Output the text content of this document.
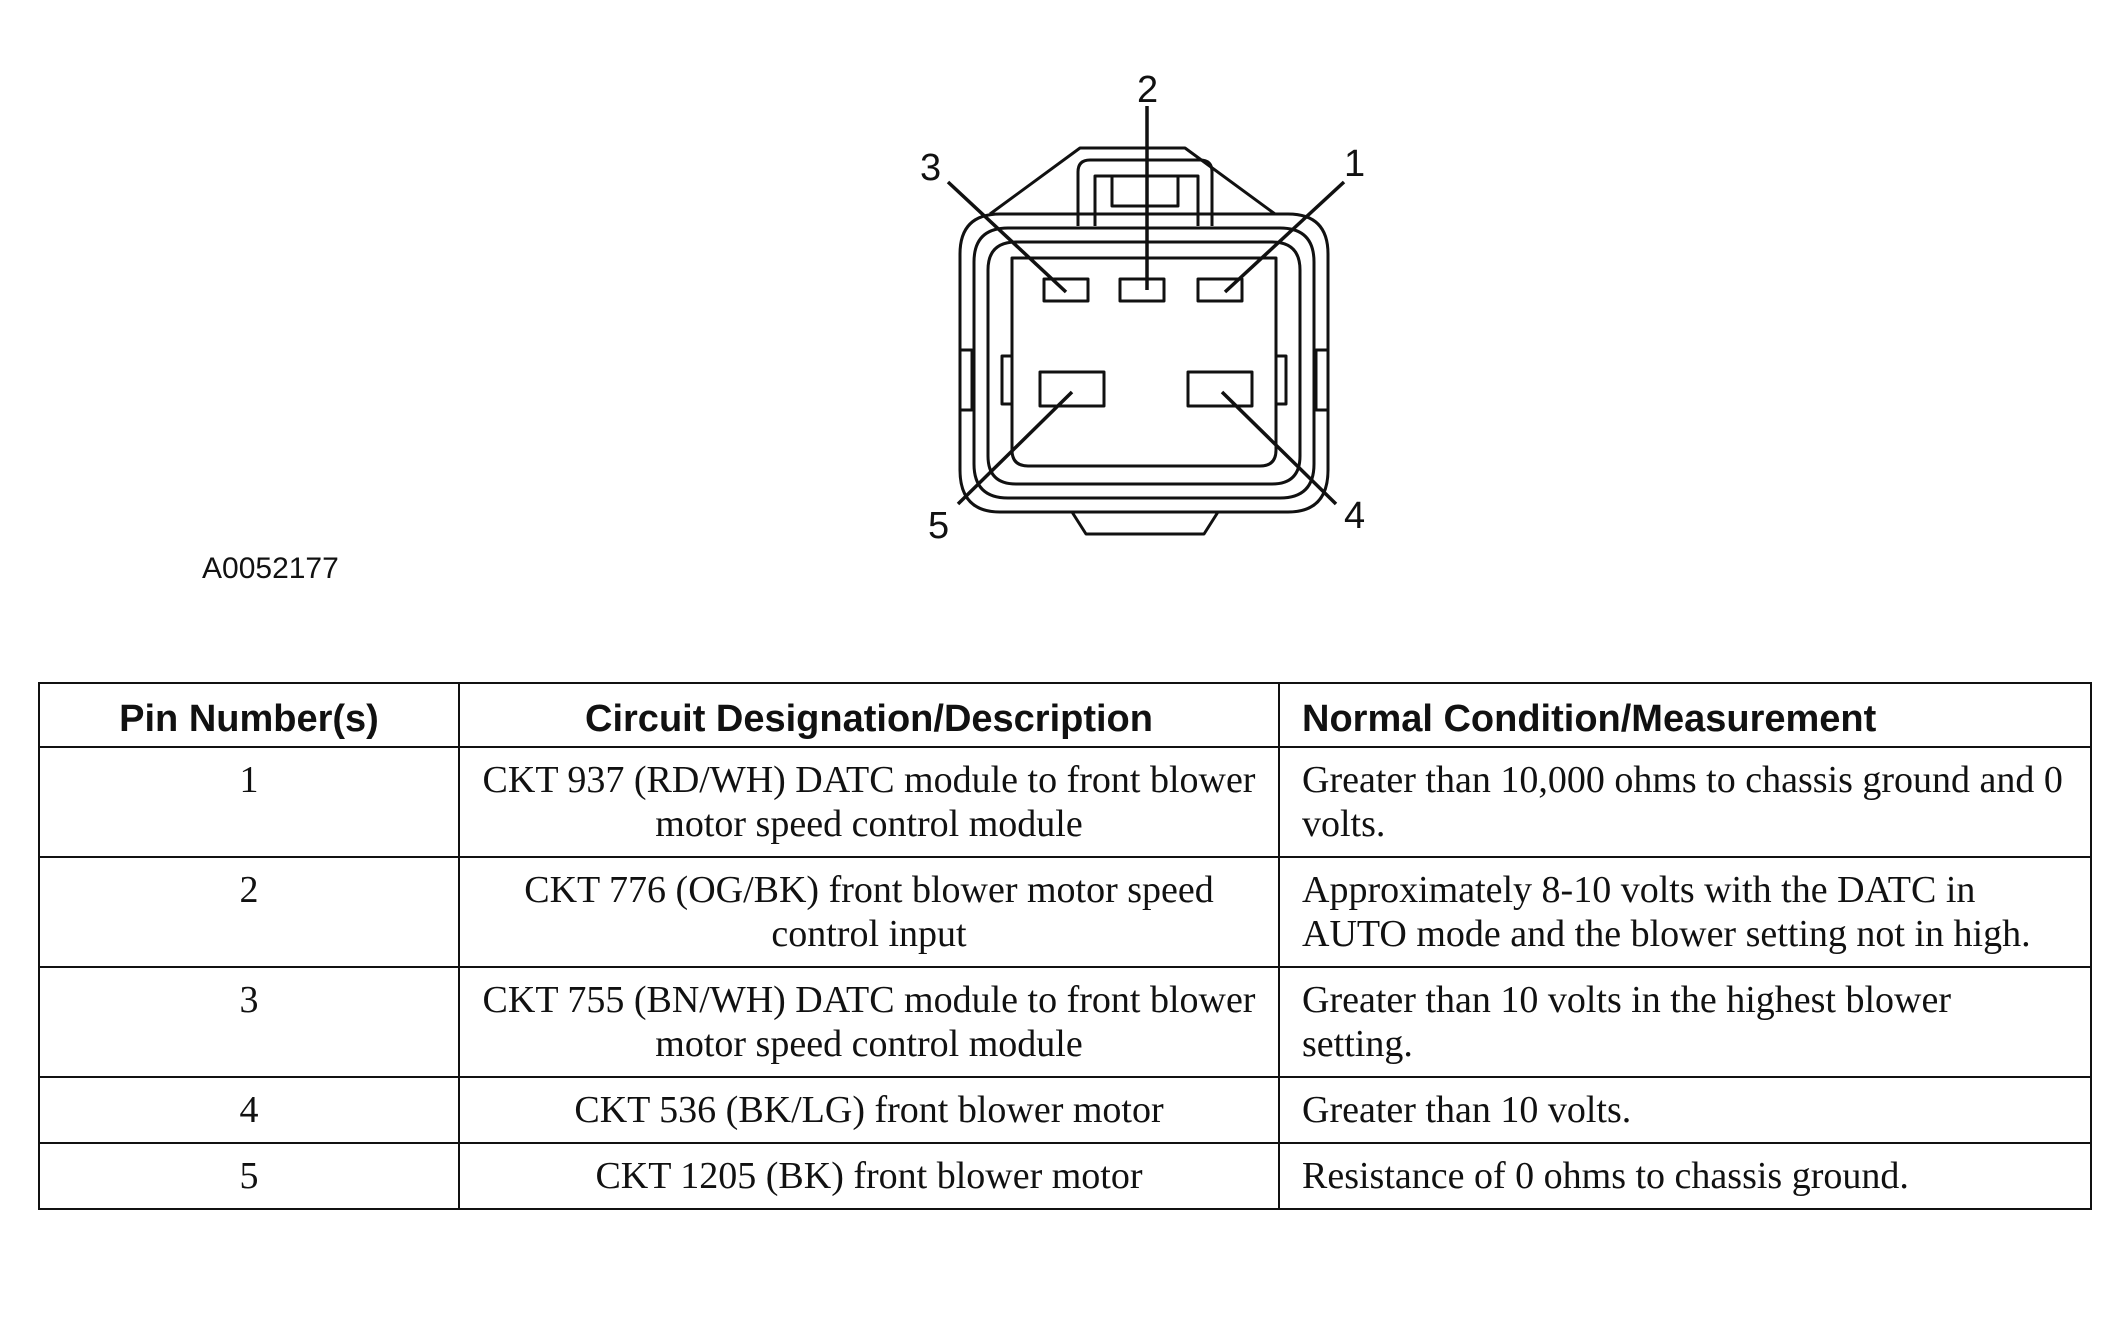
2
3	1
5	4
A0052177
Pin Number(s)	Circuit Designation/Description	Normal Condition/Measurement
1	CKT 937 (RD/WH) DATC module to front blower motor speed control module	Greater than 10,000 ohms to chassis ground and 0 volts.
2	CKT 776 (OG/BK) front blower motor speed control input	Approximately 8-10 volts with the DATC in AUTO mode and the blower setting not in high.
3	CKT 755 (BN/WH) DATC module to front blower motor speed control module	Greater than 10 volts in the highest blower setting.
4	CKT 536 (BK/LG) front blower motor	Greater than 10 volts.
5	CKT 1205 (BK) front blower motor	Resistance of 0 ohms to chassis ground.
